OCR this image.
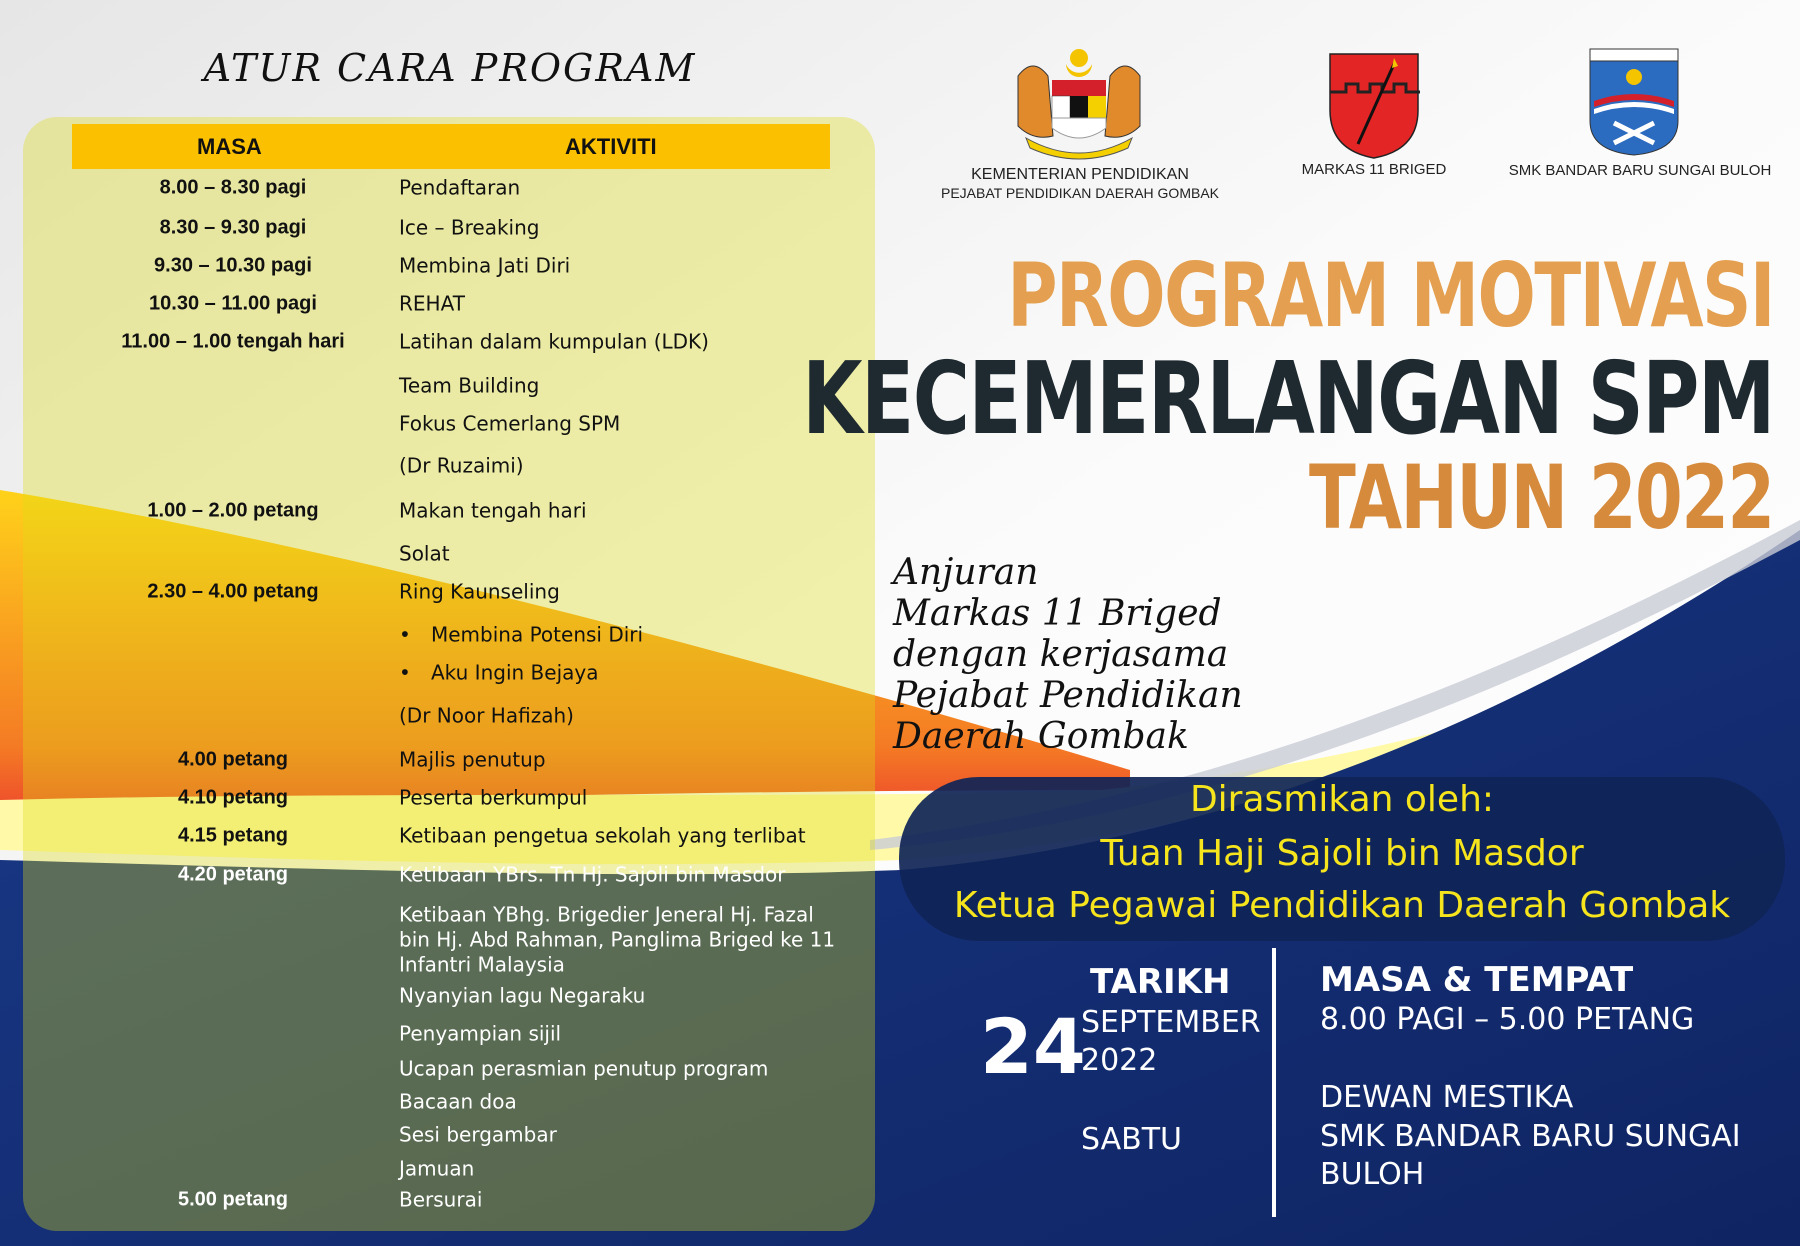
ATUR CARA PROGRAM
MASA	AKTIVITI
8.00 – 8.30 pagi	Pendaftaran
8.30 – 9.30 pagi	Ice – Breaking
9.30 – 10.30 pagi	Membina Jati Diri
10.30 – 11.00 pagi	REHAT
11.00 – 1.00 tengah hari	Latihan dalam kumpulan (LDK)
Team Building
Fokus Cemerlang SPM
(Dr Ruzaimi)
1.00 – 2.00 petang	Makan tengah hari
Solat
2.30 – 4.00 petang	Ring Kaunseling
• Membina Potensi Diri
• Aku Ingin Bejaya
(Dr Noor Hafizah)
4.00 petang	Majlis penutup
4.10 petang	Peserta berkumpul
4.15 petang	Ketibaan pengetua sekolah yang terlibat
4.20 petang	Ketibaan YBrs. Tn Hj. Sajoli bin Masdor
Ketibaan YBhg. Brigedier Jeneral Hj. Fazal bin Hj. Abd Rahman, Panglima Briged ke 11 Infantri Malaysia
Nyanyian lagu Negaraku
Penyampian sijil
Ucapan perasmian penutup program
Bacaan doa
Sesi bergambar
Jamuan
5.00 petang	Bersurai
KEMENTERIAN PENDIDIKAN
PEJABAT PENDIDIKAN DAERAH GOMBAK
MARKAS 11 BRIGED	SMK BANDAR BARU SUNGAI BULOH
PROGRAM MOTIVASI
KECEMERLANGAN SPM
TAHUN 2022
Anjuran
Markas 11 Briged
dengan kerjasama
Pejabat Pendidikan
Daerah Gombak
Dirasmikan oleh:
Tuan Haji Sajoli bin Masdor
Ketua Pegawai Pendidikan Daerah Gombak
TARIKH
24
SEPTEMBER
2022
SABTU
MASA & TEMPAT
8.00 PAGI – 5.00 PETANG
DEWAN MESTIKA
SMK BANDAR BARU SUNGAI
BULOH
